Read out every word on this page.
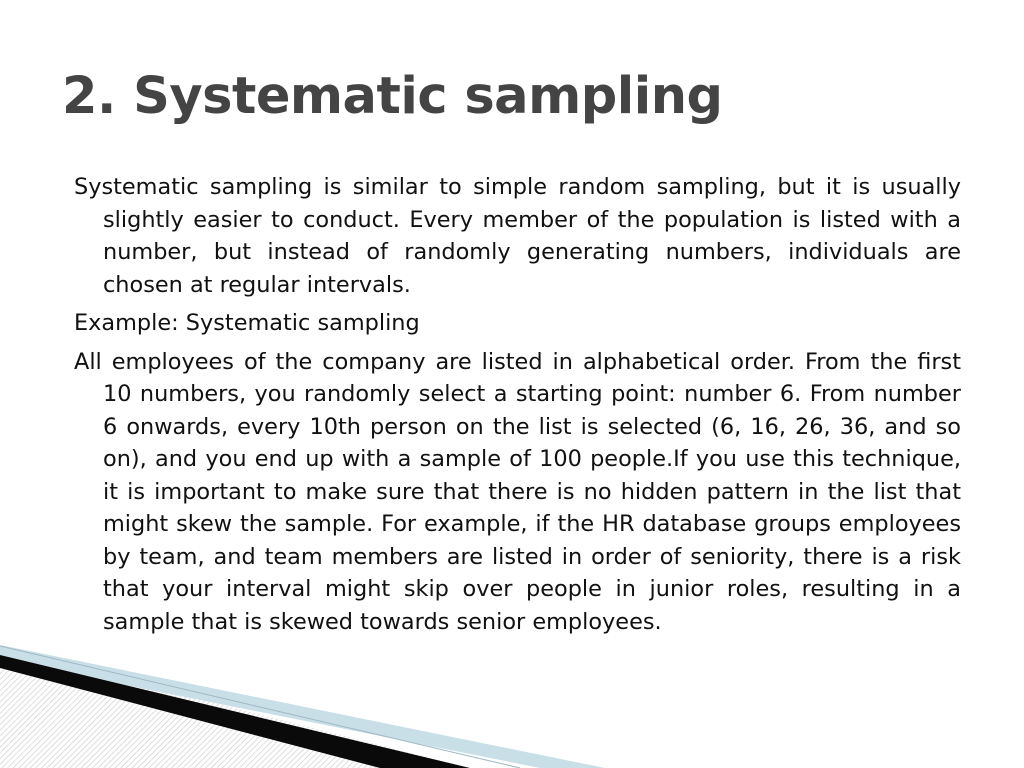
2. Systematic sampling

Systematic sampling is similar to simple random sampling, but it is usually slightly easier to conduct. Every member of the population is listed with a number, but instead of randomly generating numbers, individuals are chosen at regular intervals.

Example: Systematic sampling

All employees of the company are listed in alphabetical order. From the first 10 numbers, you randomly select a starting point: number 6. From number 6 onwards, every 10th person on the list is selected (6, 16, 26, 36, and so on), and you end up with a sample of 100 people.If you use this technique, it is important to make sure that there is no hidden pattern in the list that might skew the sample. For example, if the HR database groups employees by team, and team members are listed in order of seniority, there is a risk that your interval might skip over people in junior roles, resulting in a sample that is skewed towards senior employees.
